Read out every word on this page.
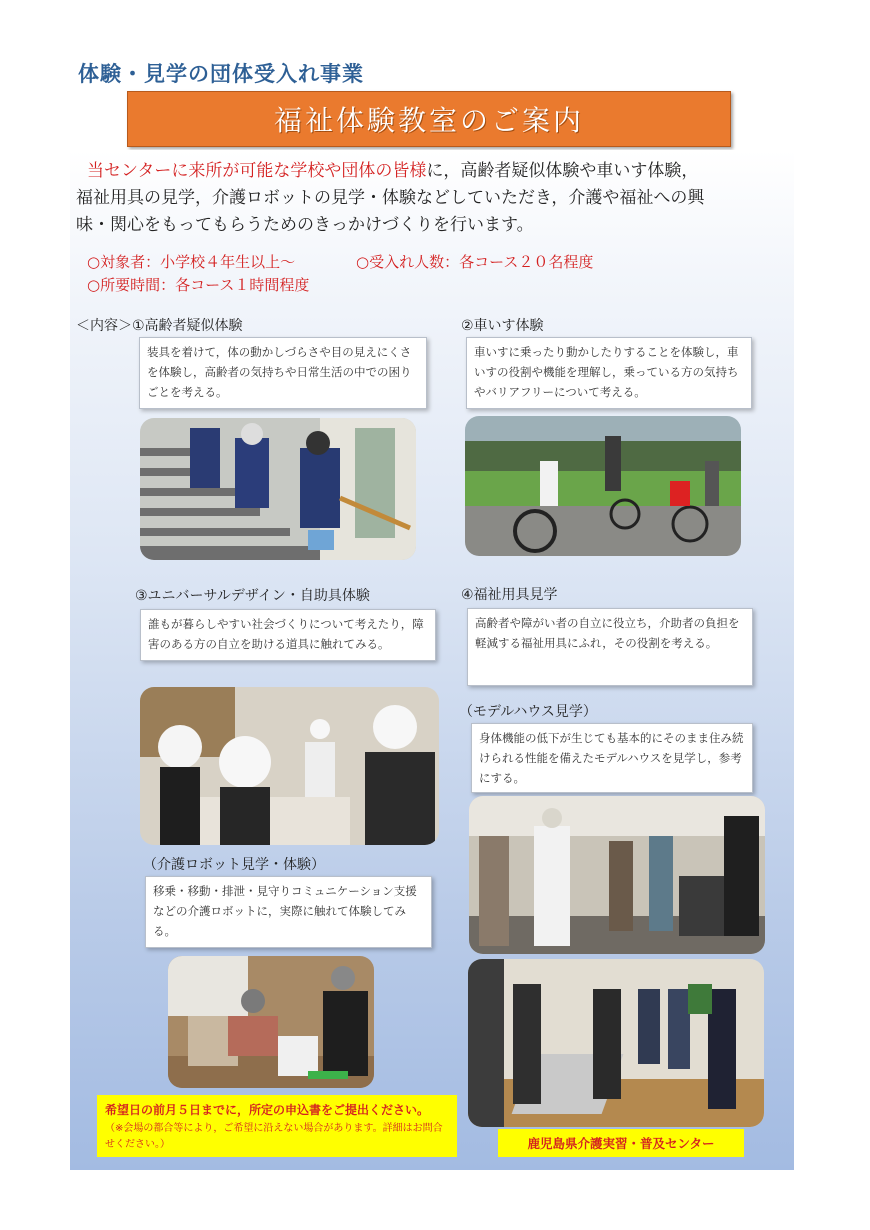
体験・見学の団体受入れ事業
福祉体験教室のご案内
当センターに来所が可能な学校や団体の皆様に，高齢者疑似体験や車いす体験，
福祉用具の見学，介護ロボットの見学・体験などしていただき，介護や福祉への興
味・関心をもってもらうためのきっかけづくりを行います。
○対象者：小学校４年生以上～	○受入れ人数：各コース２０名程度
○所要時間：各コース１時間程度
＜内容＞①高齢者疑似体験
装具を着けて，体の動かしづらさや目の見えにくさを体験し，高齢者の気持ちや日常生活の中での困りごとを考える。
②車いす体験
車いすに乗ったり動かしたりすることを体験し，車いすの役割や機能を理解し，乗っている方の気持ちやバリアフリーについて考える。
③ユニバーサルデザイン・自助具体験
誰もが暮らしやすい社会づくりについて考えたり，障害のある方の自立を助ける道具に触れてみる。
④福祉用具見学
高齢者や障がい者の自立に役立ち，介助者の負担を軽減する福祉用具にふれ，その役割を考える。
（モデルハウス見学）
身体機能の低下が生じても基本的にそのまま住み続けられる性能を備えたモデルハウスを見学し，参考にする。
（介護ロボット見学・体験）
移乗・移動・排泄・見守りコミュニケーション支援などの介護ロボットに，実際に触れて体験してみる。
希望日の前月５日までに，所定の申込書をご提出ください。
（※会場の都合等により，ご希望に沿えない場合があります。詳細はお問合せください。）	鹿児島県介護実習・普及センター
